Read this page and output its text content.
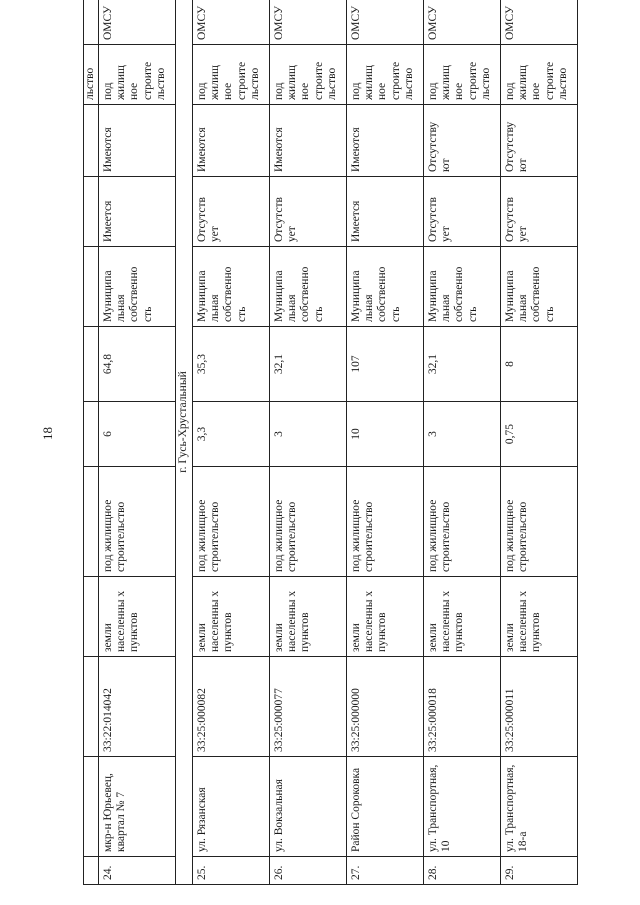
18
										льство		
24.	мкр-н Юрьевец, квартал № 7	33:22:014042	земли населенны х пунктов	под жилищное строительство	6	64,8	Муниципа льная собственно сть	Имеется	Имеются	под жилищ ное строите льство	ОМСУ	
г. Гусь-Хрустальный												
25.	ул. Рязанская	33:25:000082	земли населенны х пунктов	под жилищное строительство	3,3	35,3	Муниципа льная собственно сть	Отсутств ует	Имеются	под жилищ ное строите льство	ОМСУ	
26.	ул. Вокзальная	33:25:000077	земли населенны х пунктов	под жилищное строительство	3	32,1	Муниципа льная собственно сть	Отсутств ует	Имеются	под жилищ ное строите льство	ОМСУ	
27.	Район Сороковка	33:25:000000	земли населенны х пунктов	под жилищное строительство	10	107	Муниципа льная собственно сть	Имеется	Имеются	под жилищ ное строите льство	ОМСУ	
28.	ул. Транспортная, 10	33:25:000018	земли населенны х пунктов	под жилищное строительство	3	32,1	Муниципа льная собственно сть	Отсутств ует	Отсутству ют	под жилищ ное строите льство	ОМСУ	
29.	ул. Транспортная, 18-а	33:25:000011	земли населенны х пунктов	под жилищное строительство	0,75	8	Муниципа льная собственно сть	Отсутств ует	Отсутству ют	под жилищ ное строите льство	ОМСУ	
